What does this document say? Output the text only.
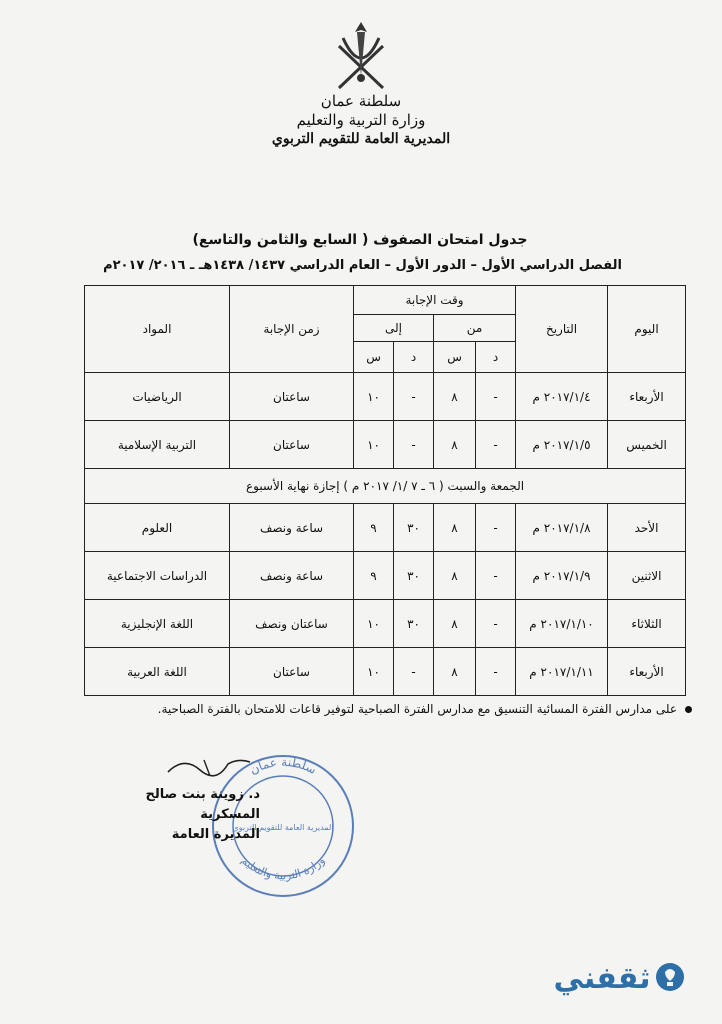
سلطنة عمان
وزارة التربية والتعليم
المديرية العامة للتقويم التربوي
جدول امتحان الصفوف ( السابع والثامن والتاسع)
الفصل الدراسي الأول – الدور الأول – العام الدراسي ١٤٣٧/ ١٤٣٨هـ ـ ٢٠١٦/ ٢٠١٧م
اليوم	التاريخ	وقت الإجابة				زمن الإجابة	المواد
		من		إلى			
		د	س	د	س		
الأربعاء	٢٠١٧/١/٤ م	-	٨	-	١٠	ساعتان	الرياضيات
الخميس	٢٠١٧/١/٥ م	-	٨	-	١٠	ساعتان	التربية الإسلامية
الجمعة والسبت ( ٦ ـ ٧ /١/ ٢٠١٧ م ) إجازة نهاية الأسبوع							
الأحد	٢٠١٧/١/٨ م	-	٨	٣٠	٩	ساعة ونصف	العلوم
الاثنين	٢٠١٧/١/٩ م	-	٨	٣٠	٩	ساعة ونصف	الدراسات الاجتماعية
الثلاثاء	٢٠١٧/١/١٠ م	-	٨	٣٠	١٠	ساعتان ونصف	اللغة الإنجليزية
الأربعاء	٢٠١٧/١/١١ م	-	٨	-	١٠	ساعتان	اللغة العربية
على مدارس الفترة المسائية التنسيق مع مدارس الفترة الصباحية لتوفير قاعات للامتحان بالفترة الصباحية.
سلطنة عمان
وزارة التربية والتعليم
المديرية العامة للتقويم التربوي
د. زوينة بنت صالح المسكرية
المديرة العامة
ثقفني
